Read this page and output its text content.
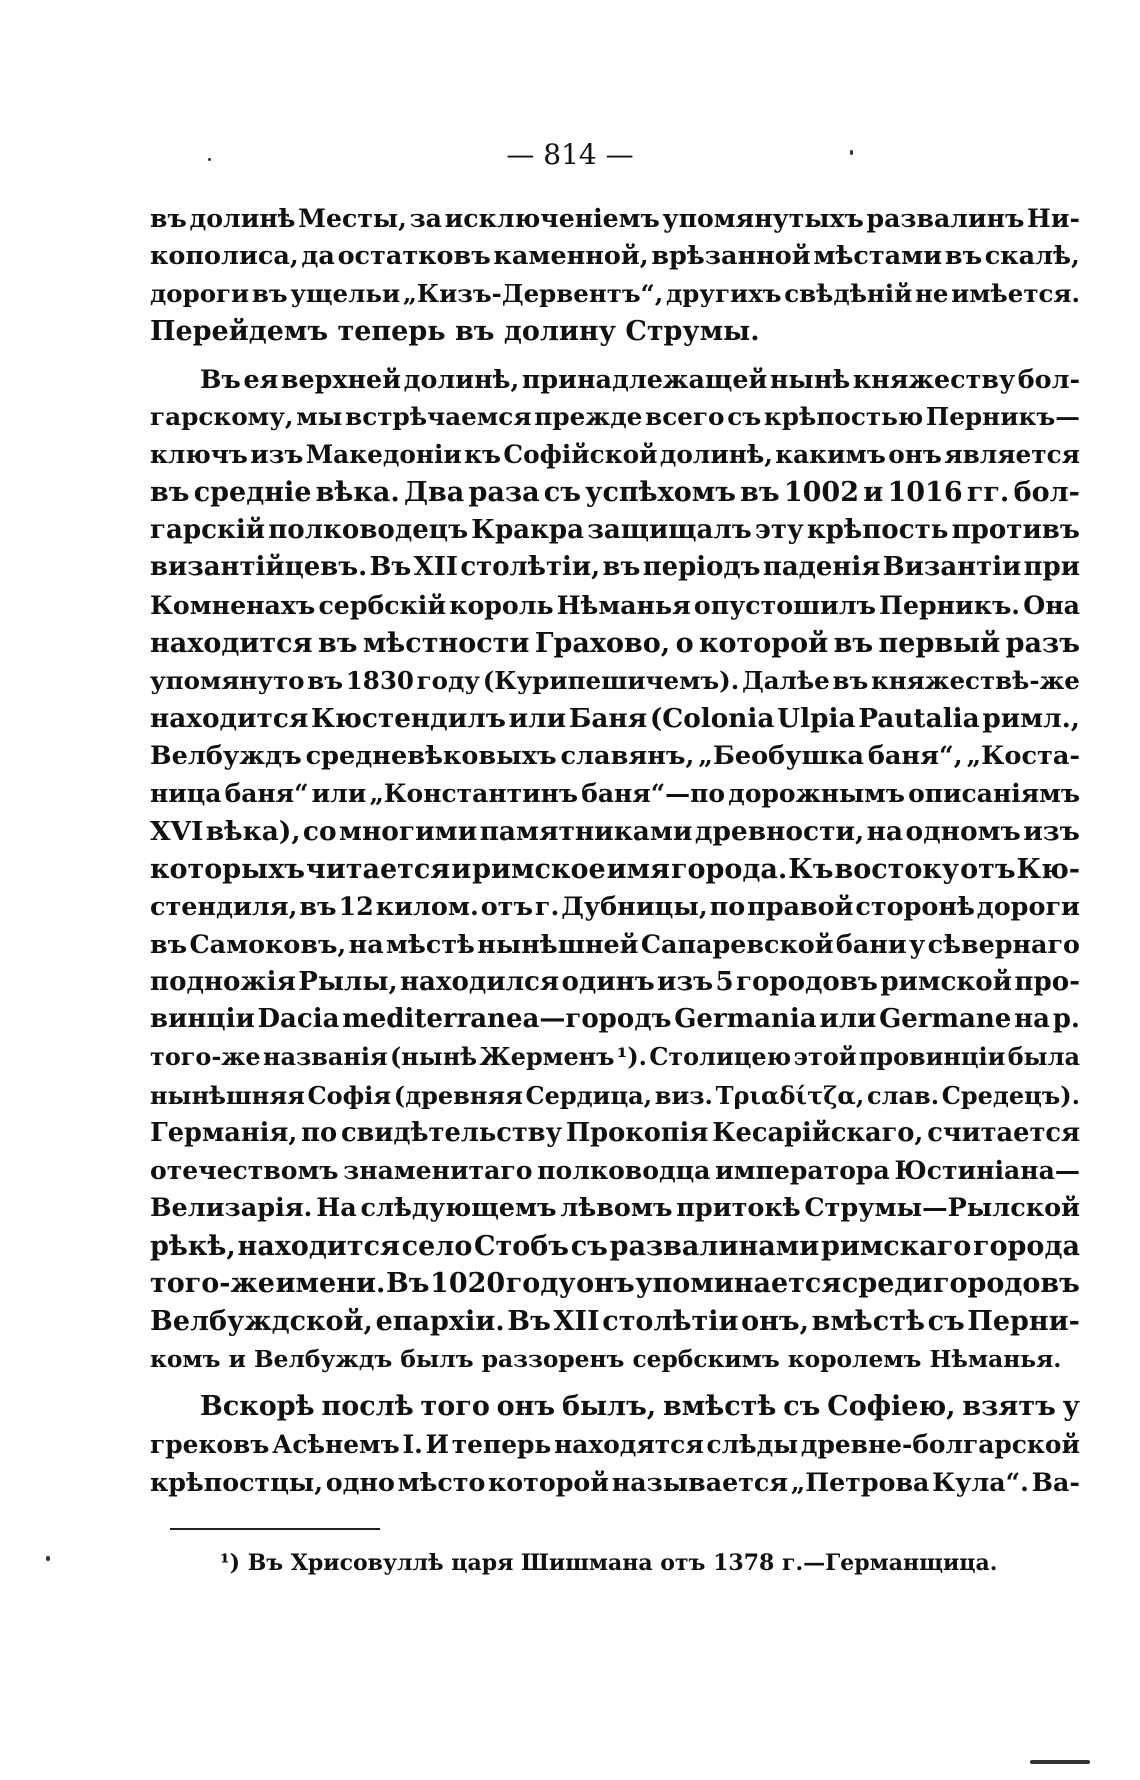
— 814 —
въ долинѣ Месты, за исключеніемъ упомянутыхъ развалинъ Ни-
кополиса, да остатковъ каменной, врѣзанной мѣстами въ скалѣ,
дороги въ ущельи „Кизъ-Дервентъ“, другихъ свѣдѣній не имѣется.
Перейдемъ теперь въ долину Струмы.
Въ ея верхней долинѣ, принадлежащей нынѣ княжеству бол-
гарскому, мы встрѣчаемся прежде всего съ крѣпостью Перникъ—
ключъ изъ Македоніи къ Софійской долинѣ, какимъ онъ является
въ средніе вѣка. Два раза съ успѣхомъ въ 1002 и 1016 гг. бол-
гарскій полководецъ Кракра защищалъ эту крѣпость противъ
византійцевъ. Въ XII столѣтіи, въ періодъ паденія Византіи при
Комненахъ сербскій король Нѣманья опустошилъ Перникъ. Она
находится въ мѣстности Грахово, о которой въ первый разъ
упомянуто въ 1830 году (Курипешичемъ). Далѣе въ княжествѣ-же
находится Кюстендилъ или Баня (Colonia Ulpia Pautalia римл.,
Велбуждъ средневѣковыхъ славянъ, „Беобушка баня“, „Коста-
ница баня“ или „Константинъ баня“—по дорожнымъ описаніямъ
XVI вѣка), со многими памятниками древности, на одномъ изъ
которыхъ читается и римское имя города. Къ востоку отъ Кю-
стендиля, въ 12 килом. отъ г. Дубницы, по правой сторонѣ дороги
въ Самоковъ, на мѣстѣ нынѣшней Сапаревской бани у сѣвернаго
подножія Рылы, находился одинъ изъ 5 городовъ римской про-
винціи Dacia mediterranea—городъ Germania или Germane на р.
того-же названія (нынѣ Жерменъ ¹). Столицею этой провинціи была
нынѣшняя Софія (древняя Сердица, виз. Τριαδίτζα, слав. Средецъ).
Германія, по свидѣтельству Прокопія Кесарійскаго, считается
отечествомъ знаменитаго полководца императора Юстиніана—
Велизарія. На слѣдующемъ лѣвомъ притокѣ Струмы—Рылской
рѣкѣ, находится село Стобъ съ развалинами римскаго города
того-же имени. Въ 1020 году онъ упоминается среди городовъ
Велбуждской, епархіи. Въ XII столѣтіи онъ, вмѣстѣ съ Перни-
комъ и Велбуждъ былъ раззоренъ сербскимъ королемъ Нѣманья.
Вскорѣ послѣ того онъ былъ, вмѣстѣ съ Софіею, взятъ у
грековъ Асѣнемъ I. И теперь находятся слѣды древне-болгарской
крѣпостцы, одно мѣсто которой называется „Петрова Кула“. Ва-
¹) Въ Хрисовуллѣ царя Шишмана отъ 1378 г.—Германщица.
